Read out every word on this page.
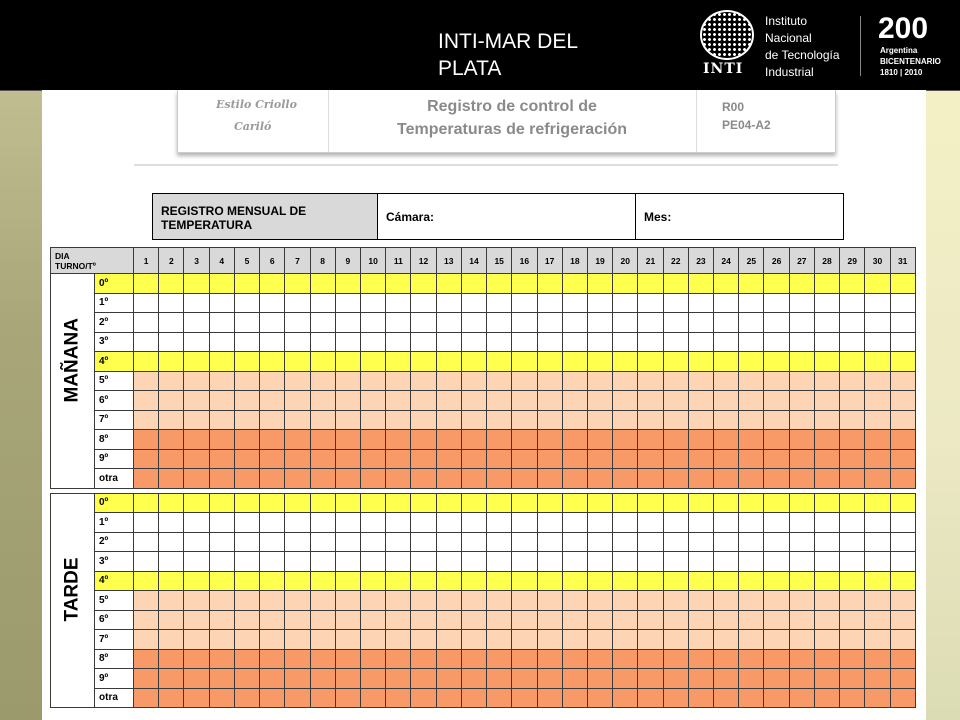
INTI-MAR DEL PLATA	INTI
Instituto
Nacional
de Tecnología
Industrial
200
Argentina
BICENTENARIO
1810 | 2010
Estilo Criollo
Cariló
Registro de control de
Temperaturas de refrigeración
R00
PE04-A2
REGISTRO MENSUAL DE TEMPERATURA
Cámara:	Mes:
DIA
TURNO/Tº		1	2	3	4	5	6	7	8	9	10	11	12	13	14	15	16	17	18	19	20	21	22	23	24	25	26	27	28	29	30	31

MAÑANA	0º																															
	1º																															
	2º																															
	3º																															
	4º																															
	5º																															
	6º																															
	7º																															
	8º																															
	9º																															
	otra																															

TARDE	0º																															
	1º																															
	2º																															
	3º																															
	4º																															
	5º																															
	6º																															
	7º																															
	8º																															
	9º																															
	otra																															
